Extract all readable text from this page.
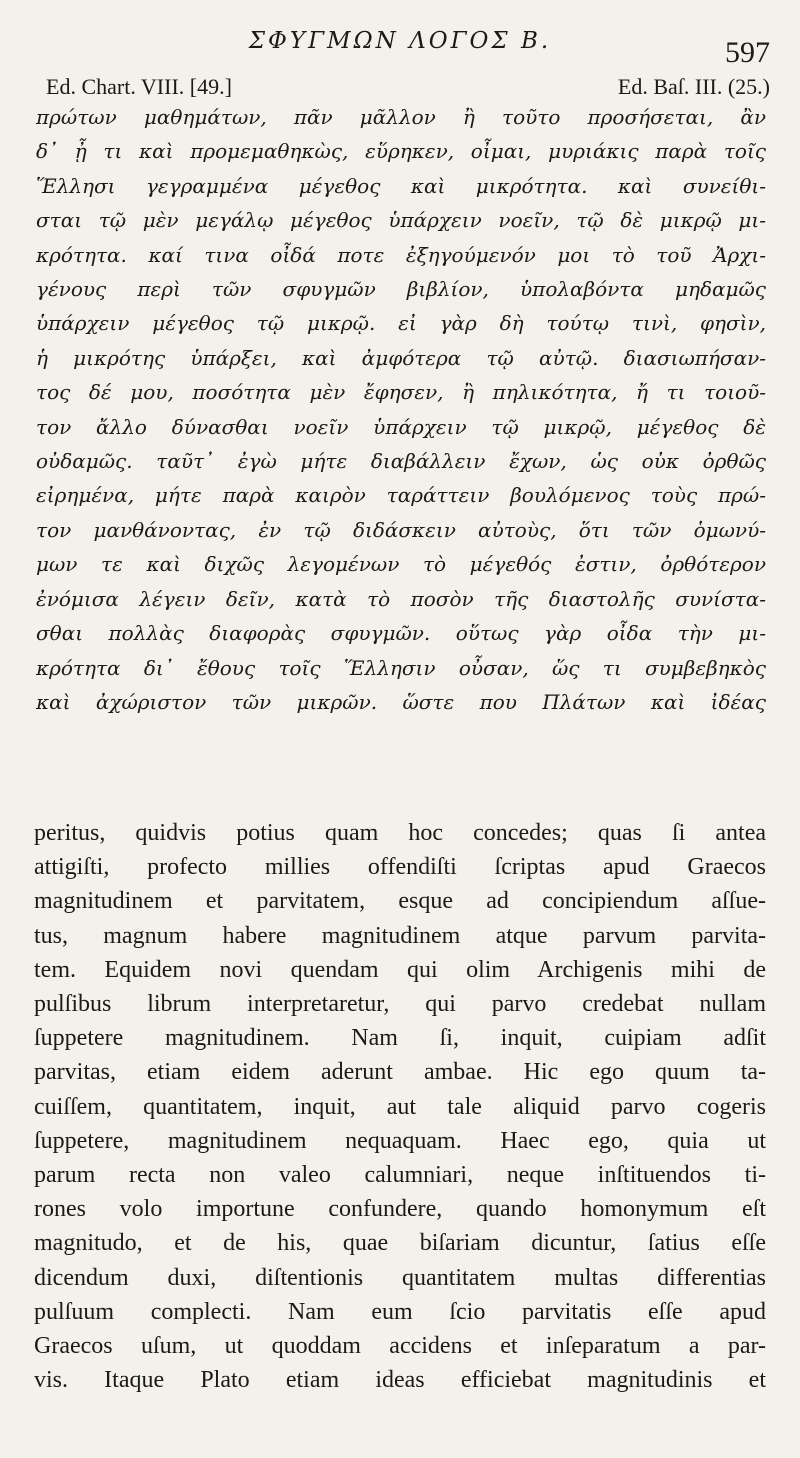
ΣΦΥΓΜΩΝ ΛΟΓΟΣ Β.	597
Ed. Chart. VIII. [49.]	Ed. Baſ. III. (25.)
πρώτων μαθημάτων, πᾶν μᾶλλον ἢ τοῦτο προσήσεται, ἂν
δ᾽ ᾖ τι καὶ προμεμαθηκὼς, εὕρηκεν, οἶμαι, μυριάκις παρὰ τοῖς
Ἕλλησι γεγραμμένα μέγεθος καὶ μικρότητα. καὶ συνείθι-
σται τῷ μὲν μεγάλῳ μέγεθος ὑπάρχειν νοεῖν, τῷ δὲ μικρῷ μι-
κρότητα. καί τινα οἶδά ποτε ἐξηγούμενόν μοι τὸ τοῦ Ἀρχι-
γένους περὶ τῶν σφυγμῶν βιβλίον, ὑπολαβόντα μηδαμῶς
ὑπάρχειν μέγεθος τῷ μικρῷ. εἰ γὰρ δὴ τούτῳ τινὶ, φησὶν,
ἡ μικρότης ὑπάρξει, καὶ ἀμφότερα τῷ αὐτῷ. διασιωπήσαν-
τος δέ μου, ποσότητα μὲν ἔφησεν, ἢ πηλικότητα, ἤ τι τοιοῦ-
τον ἄλλο δύνασθαι νοεῖν ὑπάρχειν τῷ μικρῷ, μέγεθος δὲ
οὐδαμῶς. ταῦτ᾽ ἐγὼ μήτε διαβάλλειν ἔχων, ὡς οὐκ ὀρθῶς
εἰρημένα, μήτε παρὰ καιρὸν ταράττειν βουλόμενος τοὺς πρώ-
τον μανθάνοντας, ἐν τῷ διδάσκειν αὐτοὺς, ὅτι τῶν ὁμωνύ-
μων τε καὶ διχῶς λεγομένων τὸ μέγεθός ἐστιν, ὀρθότερον
ἐνόμισα λέγειν δεῖν, κατὰ τὸ ποσὸν τῆς διαστολῆς συνίστα-
σθαι πολλὰς διαφορὰς σφυγμῶν. οὕτως γὰρ οἶδα τὴν μι-
κρότητα δι᾽ ἔθους τοῖς Ἕλλησιν οὖσαν, ὥς τι συμβεβηκὸς
καὶ ἀχώριστον τῶν μικρῶν. ὥστε που Πλάτων καὶ ἰδέας
peritus, quidvis potius quam hoc concedes; quas ſi antea
attigiſti, profecto millies offendiſti ſcriptas apud Graecos
magnitudinem et parvitatem, esque ad concipiendum aſſue-
tus, magnum habere magnitudinem atque parvum parvita-
tem. Equidem novi quendam qui olim Archigenis mihi de
pulſibus librum interpretaretur, qui parvo credebat nullam
ſuppetere magnitudinem. Nam ſi, inquit, cuipiam adſit
parvitas, etiam eidem aderunt ambae. Hic ego quum ta-
cuiſſem, quantitatem, inquit, aut tale aliquid parvo cogeris
ſuppetere, magnitudinem nequaquam. Haec ego, quia ut
parum recta non valeo calumniari, neque inſtituendos ti-
rones volo importune confundere, quando homonymum eſt
magnitudo, et de his, quae biſariam dicuntur, ſatius eſſe
dicendum duxi, diſtentionis quantitatem multas differentias
pulſuum complecti. Nam eum ſcio parvitatis eſſe apud
Graecos uſum, ut quoddam accidens et inſeparatum a par-
vis. Itaque Plato etiam ideas efficiebat magnitudinis et
